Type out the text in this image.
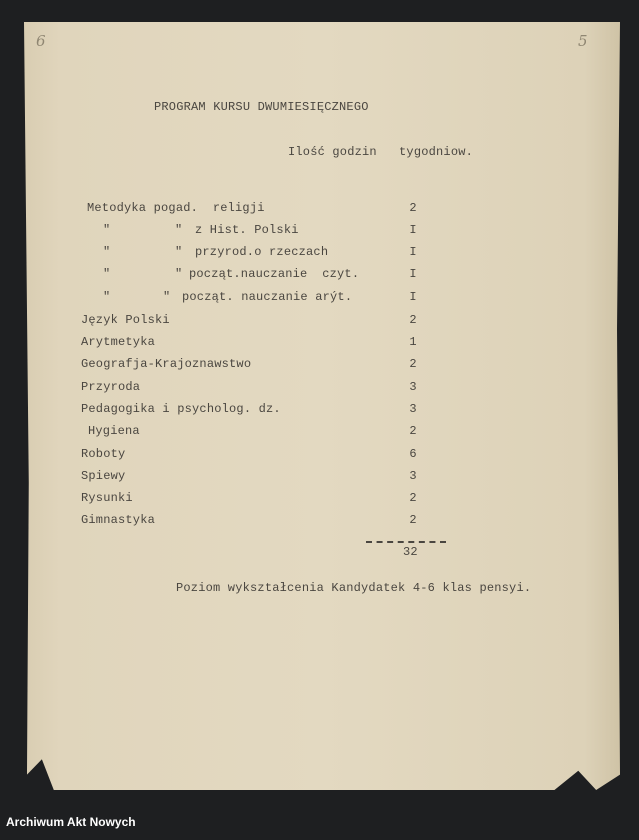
6	5
PROGRAM KURSU DWUMIESIĘCZNEGO
Ilość godzin   tygodniow.
Metodyka pogad.  religji	2
"	" z Hist. Polski	I
"	" przyrod.o rzeczach	I
"	" począt.nauczanie  czyt.	I
"	" począt. nauczanie arýt.	I
Język Polski	2
Arytmetyka	1
Geografja-Krajoznawstwo	2
Przyroda	3
Pedagogika i psycholog. dz.	3
Hygiena	2
Roboty	6
Spiewy	3
Rysunki	2
Gimnastyka	2
32
Poziom wykształcenia Kandydatek 4-6 klas pensyi.
Archiwum Akt Nowych
